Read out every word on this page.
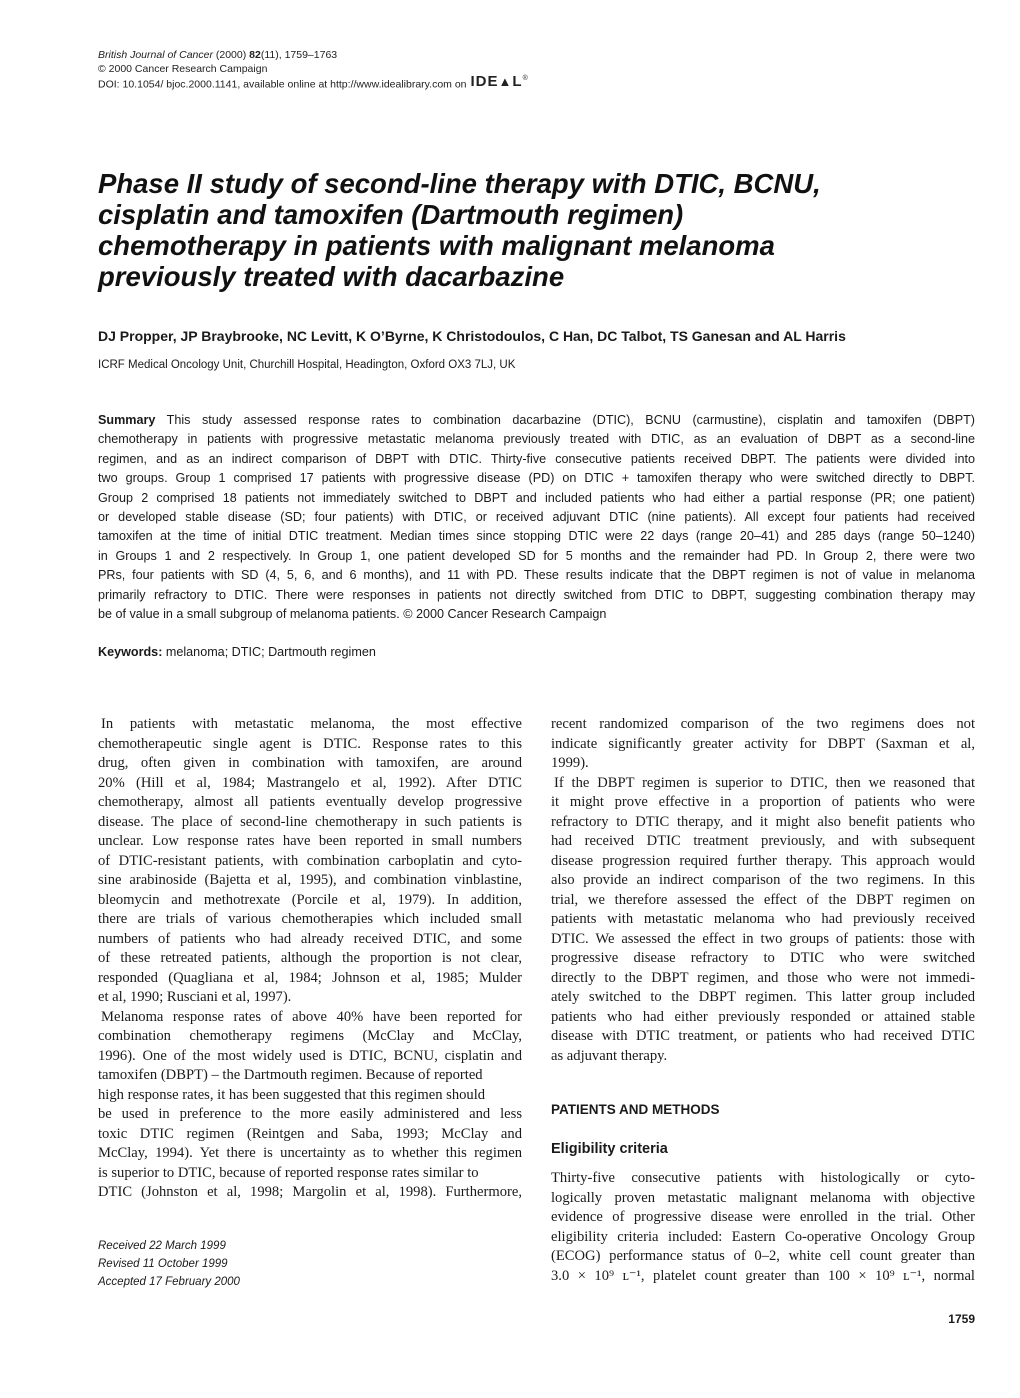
British Journal of Cancer (2000) 82(11), 1759–1763
© 2000 Cancer Research Campaign
DOI: 10.1054/ bjoc.2000.1141, available online at http://www.idealibrary.com on IDE▲L®
Phase II study of second-line therapy with DTIC, BCNU,
cisplatin and tamoxifen (Dartmouth regimen)
chemotherapy in patients with malignant melanoma
previously treated with dacarbazine
DJ Propper, JP Braybrooke, NC Levitt, K O’Byrne, K Christodoulos, C Han, DC Talbot, TS Ganesan and AL Harris
ICRF Medical Oncology Unit, Churchill Hospital, Headington, Oxford OX3 7LJ, UK
Summary This study assessed response rates to combination dacarbazine (DTIC), BCNU (carmustine), cisplatin and tamoxifen (DBPT)
chemotherapy in patients with progressive metastatic melanoma previously treated with DTIC, as an evaluation of DBPT as a second-line
regimen, and as an indirect comparison of DBPT with DTIC. Thirty-five consecutive patients received DBPT. The patients were divided into
two groups. Group 1 comprised 17 patients with progressive disease (PD) on DTIC + tamoxifen therapy who were switched directly to DBPT.
Group 2 comprised 18 patients not immediately switched to DBPT and included patients who had either a partial response (PR; one patient)
or developed stable disease (SD; four patients) with DTIC, or received adjuvant DTIC (nine patients). All except four patients had received
tamoxifen at the time of initial DTIC treatment. Median times since stopping DTIC were 22 days (range 20–41) and 285 days (range 50–1240)
in Groups 1 and 2 respectively. In Group 1, one patient developed SD for 5 months and the remainder had PD. In Group 2, there were two
PRs, four patients with SD (4, 5, 6, and 6 months), and 11 with PD. These results indicate that the DBPT regimen is not of value in melanoma
primarily refractory to DTIC. There were responses in patients not directly switched from DTIC to DBPT, suggesting combination therapy may
be of value in a small subgroup of melanoma patients. © 2000 Cancer Research Campaign
Keywords: melanoma; DTIC; Dartmouth regimen
In patients with metastatic melanoma, the most effective
chemotherapeutic single agent is DTIC. Response rates to this
drug, often given in combination with tamoxifen, are around
20% (Hill et al, 1984; Mastrangelo et al, 1992). After DTIC
chemotherapy, almost all patients eventually develop progressive
disease. The place of second-line chemotherapy in such patients is
unclear. Low response rates have been reported in small numbers
of DTIC-resistant patients, with combination carboplatin and cyto-
sine arabinoside (Bajetta et al, 1995), and combination vinblastine,
bleomycin and methotrexate (Porcile et al, 1979). In addition,
there are trials of various chemotherapies which included small
numbers of patients who had already received DTIC, and some
of these retreated patients, although the proportion is not clear,
responded (Quagliana et al, 1984; Johnson et al, 1985; Mulder
et al, 1990; Rusciani et al, 1997).
Melanoma response rates of above 40% have been reported for
combination chemotherapy regimens (McClay and McClay,
1996). One of the most widely used is DTIC, BCNU, cisplatin and
tamoxifen (DBPT) – the Dartmouth regimen. Because of reported
high response rates, it has been suggested that this regimen should
be used in preference to the more easily administered and less
toxic DTIC regimen (Reintgen and Saba, 1993; McClay and
McClay, 1994). Yet there is uncertainty as to whether this regimen
is superior to DTIC, because of reported response rates similar to
DTIC (Johnston et al, 1998; Margolin et al, 1998). Furthermore,
recent randomized comparison of the two regimens does not
indicate significantly greater activity for DBPT (Saxman et al,
1999).
If the DBPT regimen is superior to DTIC, then we reasoned that
it might prove effective in a proportion of patients who were
refractory to DTIC therapy, and it might also benefit patients who
had received DTIC treatment previously, and with subsequent
disease progression required further therapy. This approach would
also provide an indirect comparison of the two regimens. In this
trial, we therefore assessed the effect of the DBPT regimen on
patients with metastatic melanoma who had previously received
DTIC. We assessed the effect in two groups of patients: those with
progressive disease refractory to DTIC who were switched
directly to the DBPT regimen, and those who were not immedi-
ately switched to the DBPT regimen. This latter group included
patients who had either previously responded or attained stable
disease with DTIC treatment, or patients who had received DTIC
as adjuvant therapy.
PATIENTS AND METHODS
Eligibility criteria
Thirty-five consecutive patients with histologically or cyto-
logically proven metastatic malignant melanoma with objective
evidence of progressive disease were enrolled in the trial. Other
eligibility criteria included: Eastern Co-operative Oncology Group
(ECOG) performance status of 0–2, white cell count greater than
3.0 × 10⁹ ʟ⁻¹, platelet count greater than 100 × 10⁹ ʟ⁻¹, normal
Received 22 March 1999
Revised 11 October 1999
Accepted 17 February 2000
1759
